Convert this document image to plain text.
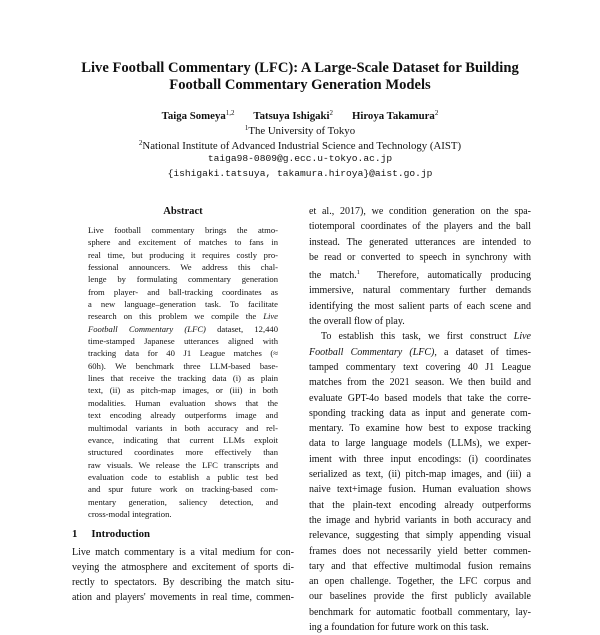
Live Football Commentary (LFC): A Large-Scale Dataset for Building
Football Commentary Generation Models
Taiga Someya$^{1,2}$ Tatsuya Ishigaki$^2$ Hiroya Takamura$^2$
$^1$The University of Tokyo
$^2$National Institute of Advanced Industrial Science and Technology (AIST)
taiga98-0809@g.ecc.u-tokyo.ac.jp
{ishigaki.tatsuya, takamura.hiroya}@aist.go.jp
Abstract
Live football commentary brings the atmo-
sphere and excitement of matches to fans in
real time, but producing it requires costly pro-
fessional announcers. We address this chal-
lenge by formulating commentary generation
from player- and ball-tracking coordinates as
a new language–generation task. To facilitate
research on this problem we compile the Live
Football Commentary (LFC) dataset, 12,440
time-stamped Japanese utterances aligned with
tracking data for 40 J1 League matches (≈
60h). We benchmark three LLM-based base-
lines that receive the tracking data (i) as plain
text, (ii) as pitch-map images, or (iii) in both
modalities. Human evaluation shows that the
text encoding already outperforms image and
multimodal variants in both accuracy and rel-
evance, indicating that current LLMs exploit
structured coordinates more effectively than
raw visuals. We release the LFC transcripts and
evaluation code to establish a public test bed
and spur future work on tracking-based com-
mentary generation, saliency detection, and
cross-modal integration.
1 Introduction
Live match commentary is a vital medium for con-
veying the atmosphere and excitement of sports di-
rectly to spectators. By describing the match situ-
ation and players' movements in real time, commen-
et al., 2017), we condition generation on the spa-
tiotemporal coordinates of the players and the ball
instead. The generated utterances are intended to
be read or converted to speech in synchrony with
the match.$^1$ Therefore, automatically producing
immersive, natural commentary further demands
identifying the most salient parts of each scene and
the overall flow of play.
To establish this task, we first construct Live
Football Commentary (LFC), a dataset of times-
tamped commentary text covering 40 J1 League
matches from the 2021 season. We then build and
evaluate GPT-4o based models that take the corre-
sponding tracking data as input and generate com-
mentary. To examine how best to expose tracking
data to large language models (LLMs), we exper-
iment with three input encodings: (i) coordinates
serialized as text, (ii) pitch-map images, and (iii) a
naive text+image fusion. Human evaluation shows
that the plain-text encoding already outperforms
the image and hybrid variants in both accuracy and
relevance, suggesting that simply appending visual
frames does not necessarily yield better commen-
tary and that effective multimodal fusion remains
an open challenge. Together, the LFC corpus and
our baselines provide the first publicly available
benchmark for automatic football commentary, lay-
ing a foundation for future work on this task.
